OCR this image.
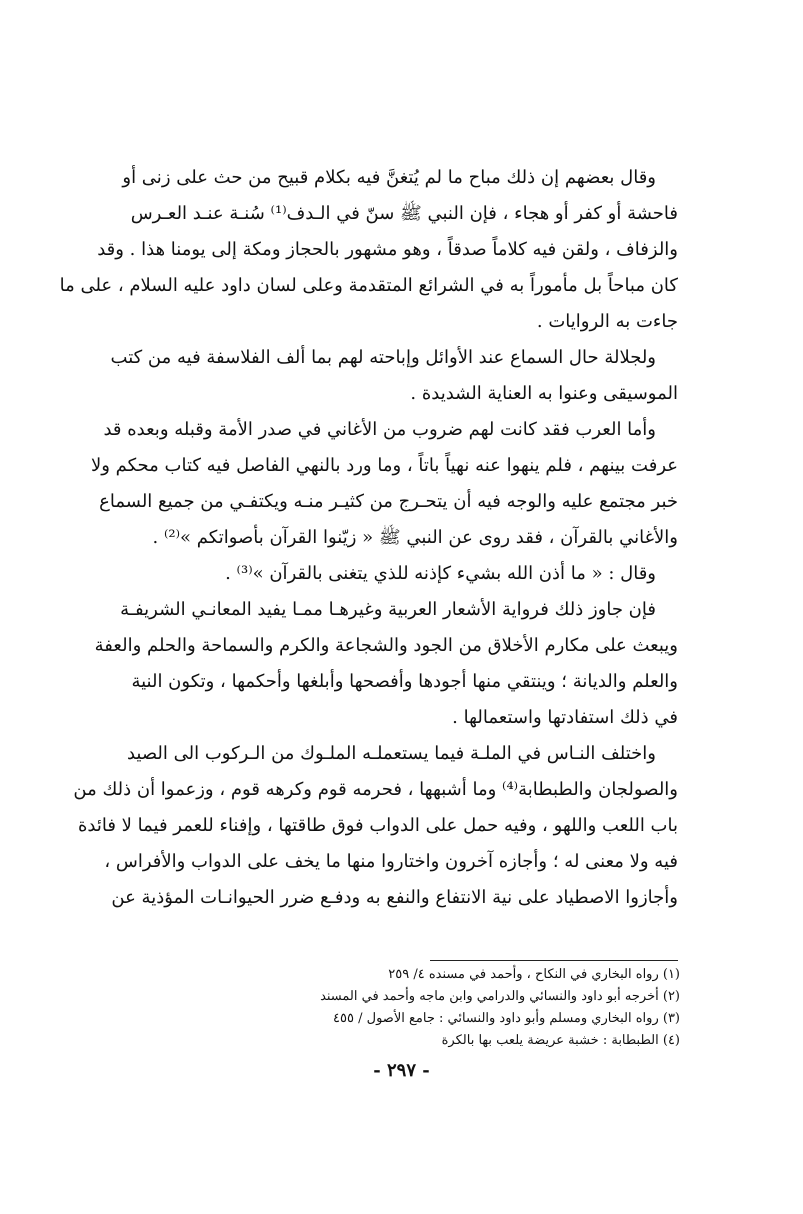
وقال بعضهم إن ذلك مباح ما لم يُتغنَّ فيه بكلام قبيح من حث على زنى أو
فاحشة أو كفر أو هجاء ، فإن النبي ﷺ سنّ في الـدف⁽¹⁾ سُنـة عنـد العـرس
والزفاف ، ولقن فيه كلاماً صدقاً ، وهو مشهور بالحجاز ومكة إلى يومنا هذا . وقد
كان مباحاً بل مأموراً به في الشرائع المتقدمة وعلى لسان داود عليه السلام ، على ما
جاءت به الروايات .

ولجلالة حال السماع عند الأوائل وإباحته لهم بما ألف الفلاسفة فيه من كتب
الموسيقى وعنوا به العناية الشديدة .

وأما العرب فقد كانت لهم ضروب من الأغاني في صدر الأمة وقبله وبعده قد
عرفت بينهم ، فلم ينهوا عنه نهياً باتاً ، وما ورد بالنهي الفاصل فيه كتاب محكم ولا
خبر مجتمع عليه والوجه فيه أن يتحـرج من كثيـر منـه ويكتفـي من جميع السماع
والأغاني بالقرآن ، فقد روى عن النبي ﷺ « زيّنوا القرآن بأصواتكم »⁽²⁾ .

وقال : « ما أذن الله بشيء كإذنه للذي يتغنى بالقرآن »⁽³⁾ .

فإن جاوز ذلك فرواية الأشعار العربية وغيرهـا ممـا يفيد المعانـي الشريفـة
ويبعث على مكارم الأخلاق من الجود والشجاعة والكرم والسماحة والحلم والعفة
والعلم والديانة ؛ وينتقي منها أجودها وأفصحها وأبلغها وأحكمها ، وتكون النية
في ذلك استفادتها واستعمالها .

واختلف النـاس في الملـة فيما يستعملـه الملـوك من الـركوب الى الصيد
والصولجان والطبطابة⁽⁴⁾ وما أشبهها ، فحرمه قوم وكرهه قوم ، وزعموا أن ذلك من
باب اللعب واللهو ، وفيه حمل على الدواب فوق طاقتها ، وإفناء للعمر فيما لا فائدة
فيه ولا معنى له ؛ وأجازه آخرون واختاروا منها ما يخف على الدواب والأفراس ،
وأجازوا الاصطياد على نية الانتفاع والنفع به ودفـع ضرر الحيوانـات المؤذية عن

(١) رواه البخاري في النكاح ، وأحمد في مسنده ٤/ ٢٥٩
(٢) أخرجه أبو داود والنسائي والدرامي وابن ماجه وأحمد في المسند
(٣) رواه البخاري ومسلم وأبو داود والنسائي : جامع الأصول / ٤٥٥
(٤) الطبطابة : خشبة عريضة يلعب بها بالكرة
- ٢٩٧ -
